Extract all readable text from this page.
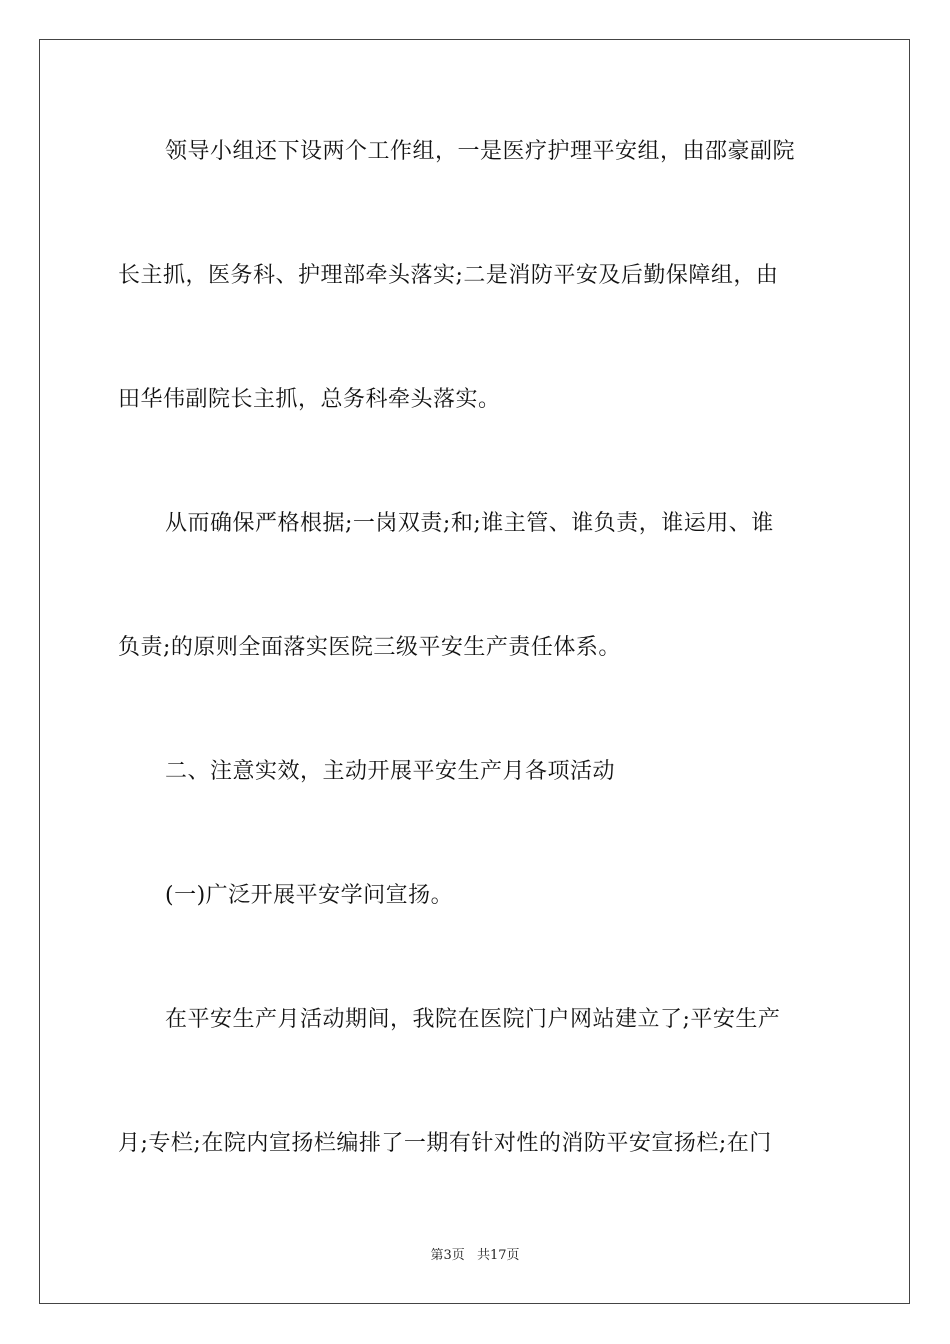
领导小组还下设两个工作组，一是医疗护理平安组，由邵豪副院
长主抓，医务科、护理部牵头落实;二是消防平安及后勤保障组，由
田华伟副院长主抓，总务科牵头落实。
从而确保严格根据;一岗双责;和;谁主管、谁负责，谁运用、谁
负责;的原则全面落实医院三级平安生产责任体系。
二、注意实效，主动开展平安生产月各项活动
(一)广泛开展平安学问宣扬。
在平安生产月活动期间，我院在医院门户网站建立了;平安生产
月;专栏;在院内宣扬栏编排了一期有针对性的消防平安宣扬栏;在门
第3页 共17页
